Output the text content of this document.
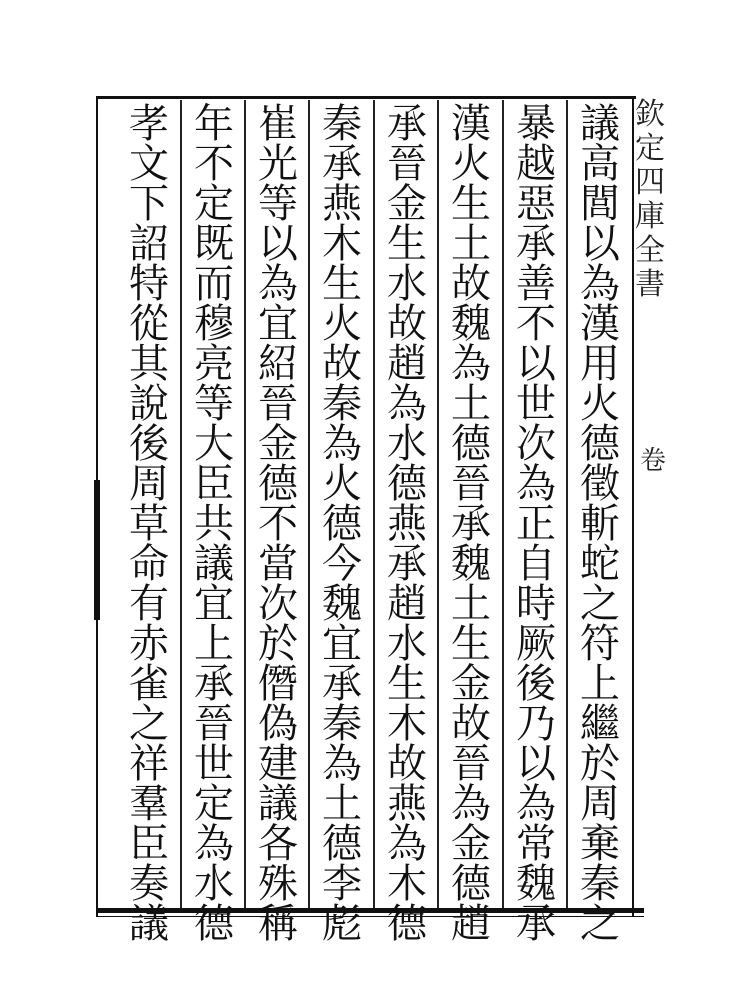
欽
定
四
庫
全
書
卷
議
高
閭
以
為
漢
用
火
德
徵
斬
蛇
之
符
上
繼
於
周
棄
秦
之
暴
越
惡
承
善
不
以
世
次
為
正
自
時
厥
後
乃
以
為
常
魏
承
漢
火
生
土
故
魏
為
土
德
晉
承
魏
土
生
金
故
晉
為
金
德
趙
承
晉
金
生
水
故
趙
為
水
德
燕
承
趙
水
生
木
故
燕
為
木
德
秦
承
燕
木
生
火
故
秦
為
火
德
今
魏
宜
承
秦
為
土
德
李
彪
崔
光
等
以
為
宜
紹
晉
金
德
不
當
次
於
僭
偽
建
議
各
殊
稱
年
不
定
既
而
穆
亮
等
大
臣
共
議
宜
上
承
晉
世
定
為
水
德
孝
文
下
詔
特
從
其
說
後
周
草
命
有
赤
雀
之
祥
羣
臣
奏
議
